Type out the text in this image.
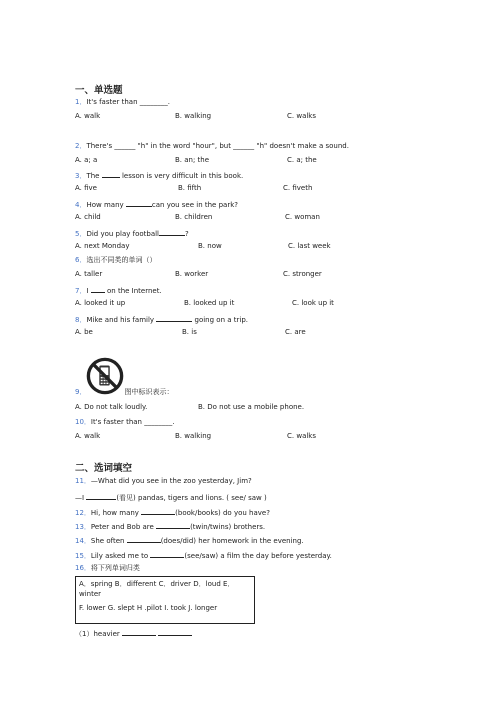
一、单选题
1．It's faster than ________.
A. walk	B. walking	C. walks
2．There's ______ "h" in the word "hour", but ______ "h" doesn't make a sound.
A. a; a	B. an; the	C. a; the
3．The	lesson is very difficult in this book.
A. five	B. fifth	C. fiveth
4．How many	can you see in the park?
A. child	B. children	C. woman
5．Did you play football	?
A. next Monday	B. now	C. last week
6．选出不同类的单词（）
A. taller	B. worker	C. stronger
7．I	on the Internet.
A. looked it up	B. looked up it	C. look up it
8．Mike and his family	going on a trip.
A. be	B. is	C. are
9．	图中标识表示：
A. Do not talk loudly.	B. Do not use a mobile phone.
10．It's faster than ________.
A. walk	B. walking	C. walks
二、选词填空
11．—What did you see in the zoo yesterday, Jim?
—I	(看见) pandas, tigers and lions. ( see/ saw )
12．Hi, how many	(book/books) do you have?
13．Peter and Bob are	(twin/twins) brothers.
14．She often	(does/did) her homework in the evening.
15．Lily asked me to	(see/saw) a film the day before yesterday.
16．将下列单词归类
A．spring B．different C．driver D．loud E．
winter
F. lower G. slept H .pilot I. took J. longer
（1）heavier
